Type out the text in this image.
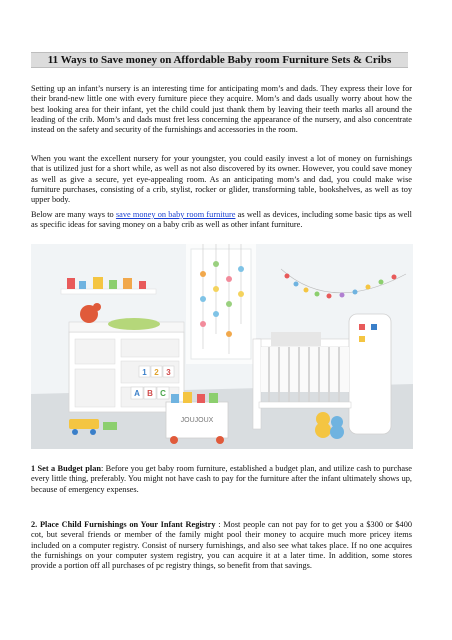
11 Ways to Save money on Affordable Baby room Furniture Sets & Cribs

Setting up an infant’s nursery is an interesting time for anticipating mom’s and dads. They express their love for their brand-new little one with every furniture piece they acquire. Mom’s and dads usually worry about how the best looking area for their infant, yet the child could just thank them by leaving their teeth marks all around the leading of the crib. Mom’s and dads must fret less concerning the appearance of the nursery, and also concentrate instead on the safety and security of the furnishings and accessories in the room.

When you want the excellent nursery for your youngster, you could easily invest a lot of money on furnishings that is utilized just for a short while, as well as not also discovered by its owner. However, you could save money as well as give a secure, yet eye-appealing room. As an anticipating mom’s and dad, you could make wise furniture purchases, consisting of a crib, stylist, rocker or glider, transforming table, bookshelves, as well as toy upper body.

Below are many ways to save money on baby room furniture as well as devices, including some basic tips as well as specific ideas for saving money on a baby crib as well as other infant furniture.

1 2 3
A B C
JOUJOUX

1 Set a Budget plan: Before you get baby room furniture, established a budget plan, and utilize cash to purchase every little thing, preferably. You might not have cash to pay for the furniture after the infant ultimately shows up, because of emergency expenses.

2. Place Child Furnishings on Your Infant Registry : Most people can not pay for to get you a $300 or $400 cot, but several friends or member of the family might pool their money to acquire much more pricey items included on a computer registry. Consist of nursery furnishings, and also see what takes place. If no one acquires the furnishings on your computer system registry, you can acquire it at a later time. In addition, some stores provide a portion off all purchases of pc registry things, so benefit from that savings.
